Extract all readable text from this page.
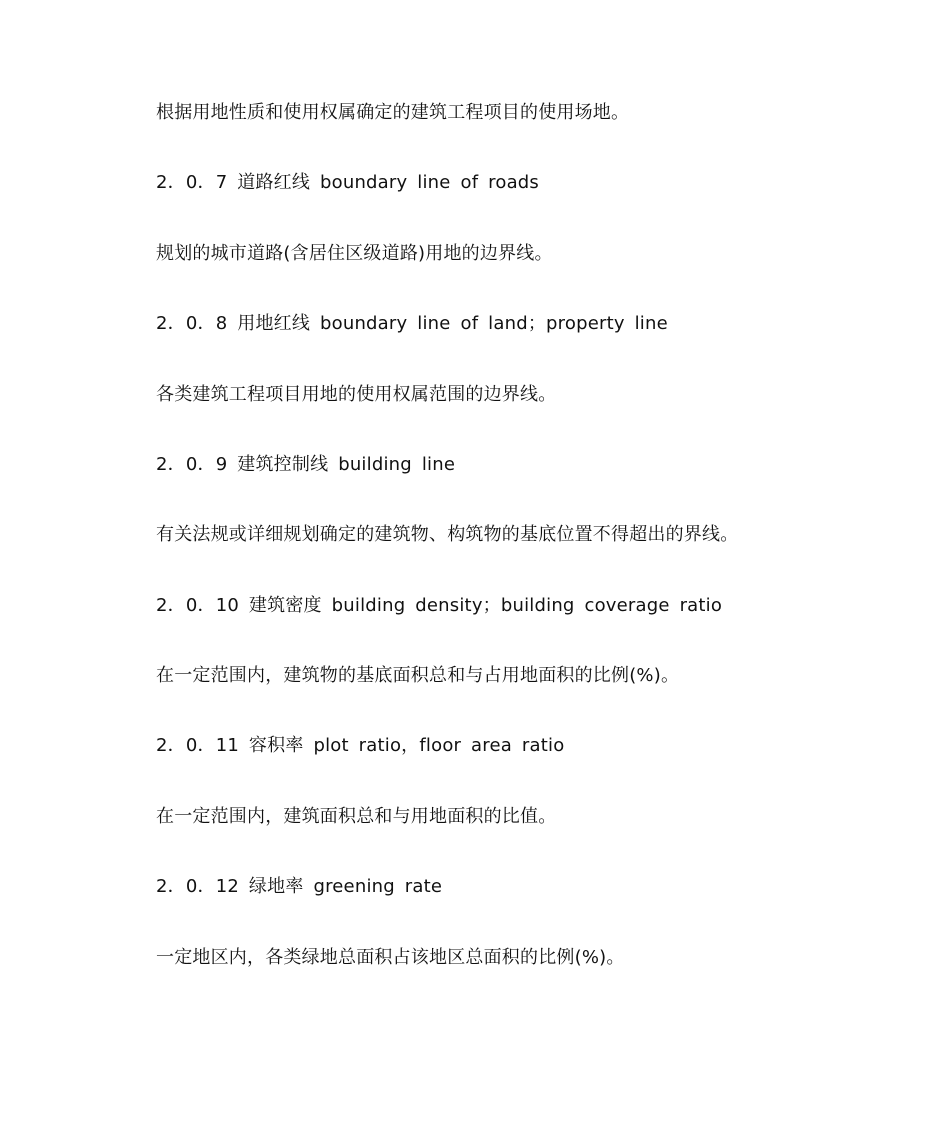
根据用地性质和使用权属确定的建筑工程项目的使用场地。
2．0．7 道路红线 boundary line of roads
规划的城市道路(含居住区级道路)用地的边界线。
2．0．8 用地红线 boundary line of land；property line
各类建筑工程项目用地的使用权属范围的边界线。
2．0．9 建筑控制线 building line
有关法规或详细规划确定的建筑物、构筑物的基底位置不得超出的界线。
2．0．10 建筑密度 building density；building coverage ratio
在一定范围内，建筑物的基底面积总和与占用地面积的比例(%)。
2．0．11 容积率 plot ratio，floor area ratio
在一定范围内，建筑面积总和与用地面积的比值。
2．0．12 绿地率 greening rate
一定地区内，各类绿地总面积占该地区总面积的比例(%)。
